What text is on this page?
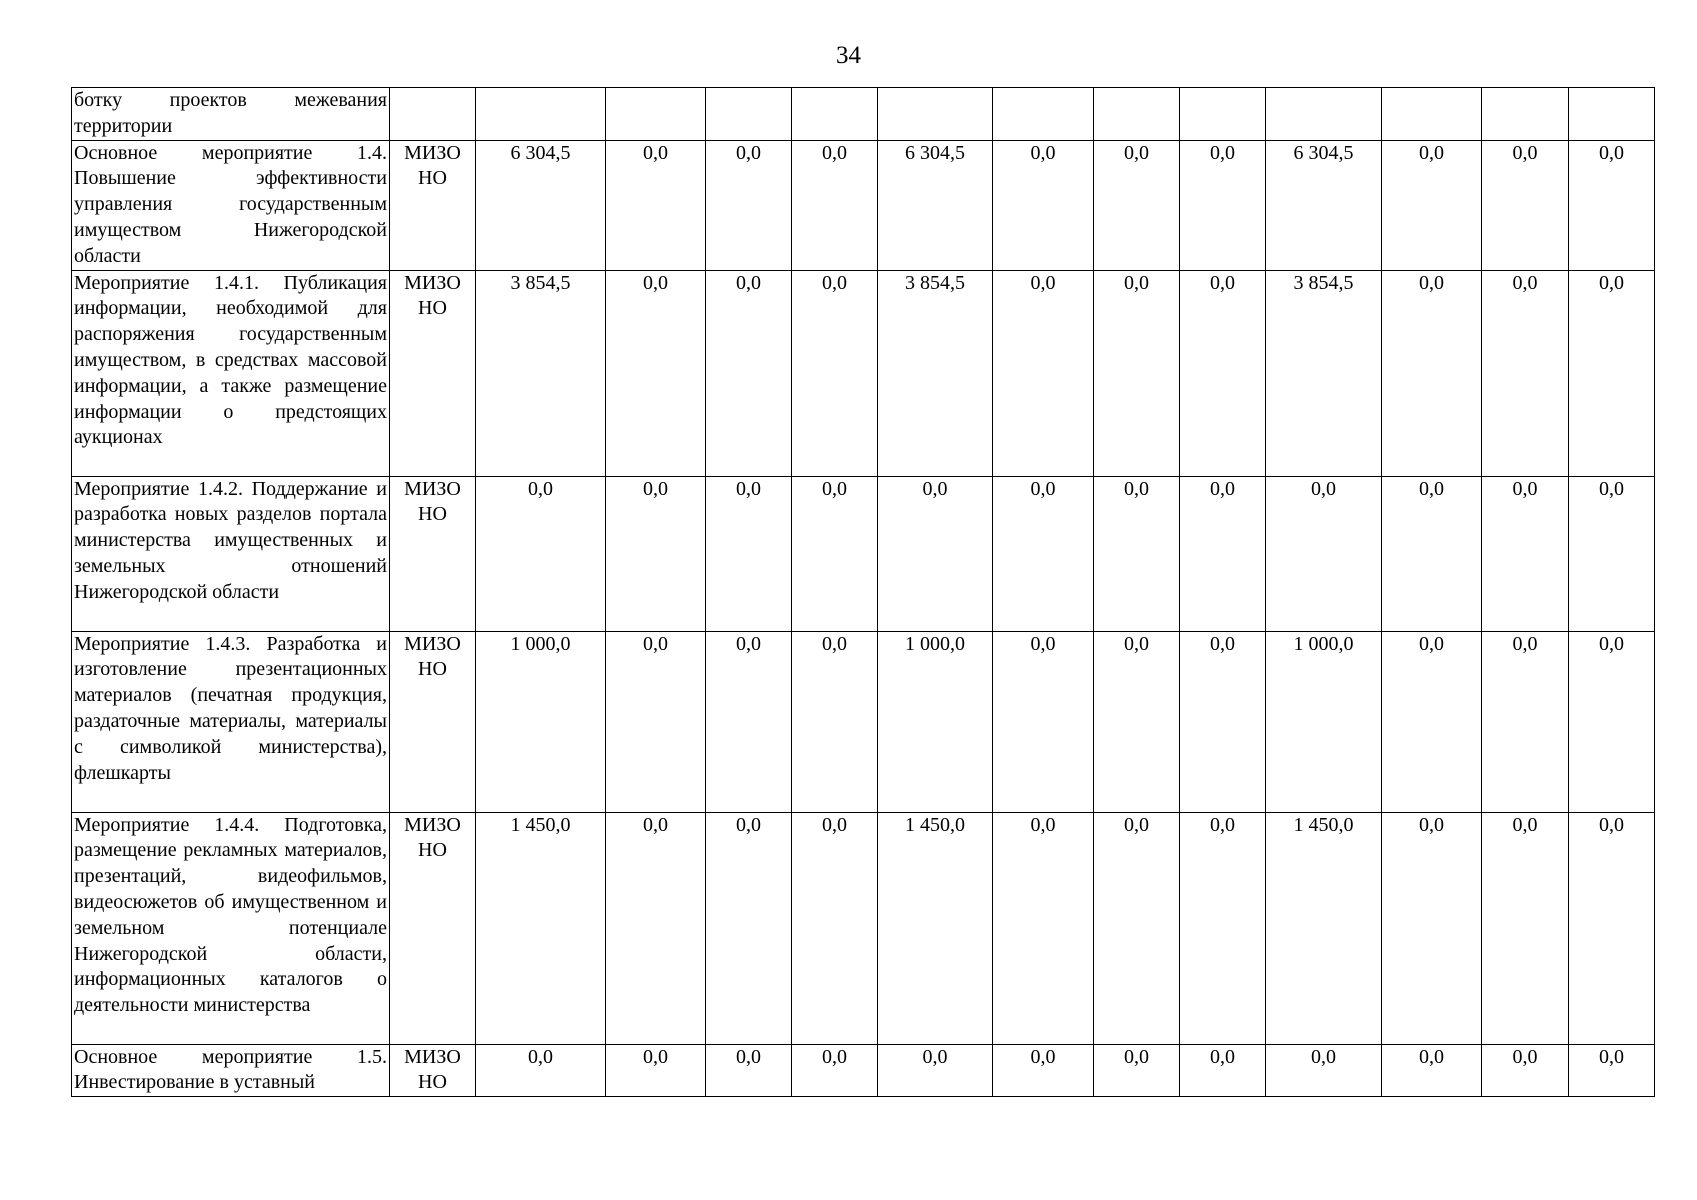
34
ботку проектов межевания территории													
Основное мероприятие 1.4. Повышение эффективности управления государственным имуществом Нижегородской области	МИЗО НО	6 304,5	0,0	0,0	0,0	6 304,5	0,0	0,0	0,0	6 304,5	0,0	0,0	0,0
Мероприятие 1.4.1. Публикация информации, необходимой для распоряжения государственным имуществом, в средствах массовой информации, а также размещение информации о предстоящих аукционах	МИЗО НО	3 854,5	0,0	0,0	0,0	3 854,5	0,0	0,0	0,0	3 854,5	0,0	0,0	0,0
Мероприятие 1.4.2. Поддержание и разработка новых разделов портала министерства имущественных и земельных отношений Нижегородской области	МИЗО НО	0,0	0,0	0,0	0,0	0,0	0,0	0,0	0,0	0,0	0,0	0,0	0,0
Мероприятие 1.4.3. Разработка и изготовление презентационных материалов (печатная продукция, раздаточные материалы, материалы с символикой министерства), флешкарты	МИЗО НО	1 000,0	0,0	0,0	0,0	1 000,0	0,0	0,0	0,0	1 000,0	0,0	0,0	0,0
Мероприятие 1.4.4. Подготовка, размещение рекламных материалов, презентаций, видеофильмов, видеосюжетов об имущественном и земельном потенциале Нижегородской области, информационных каталогов о деятельности министерства	МИЗО НО	1 450,0	0,0	0,0	0,0	1 450,0	0,0	0,0	0,0	1 450,0	0,0	0,0	0,0
Основное мероприятие 1.5. Инвестирование в уставный	МИЗО НО	0,0	0,0	0,0	0,0	0,0	0,0	0,0	0,0	0,0	0,0	0,0	0,0
